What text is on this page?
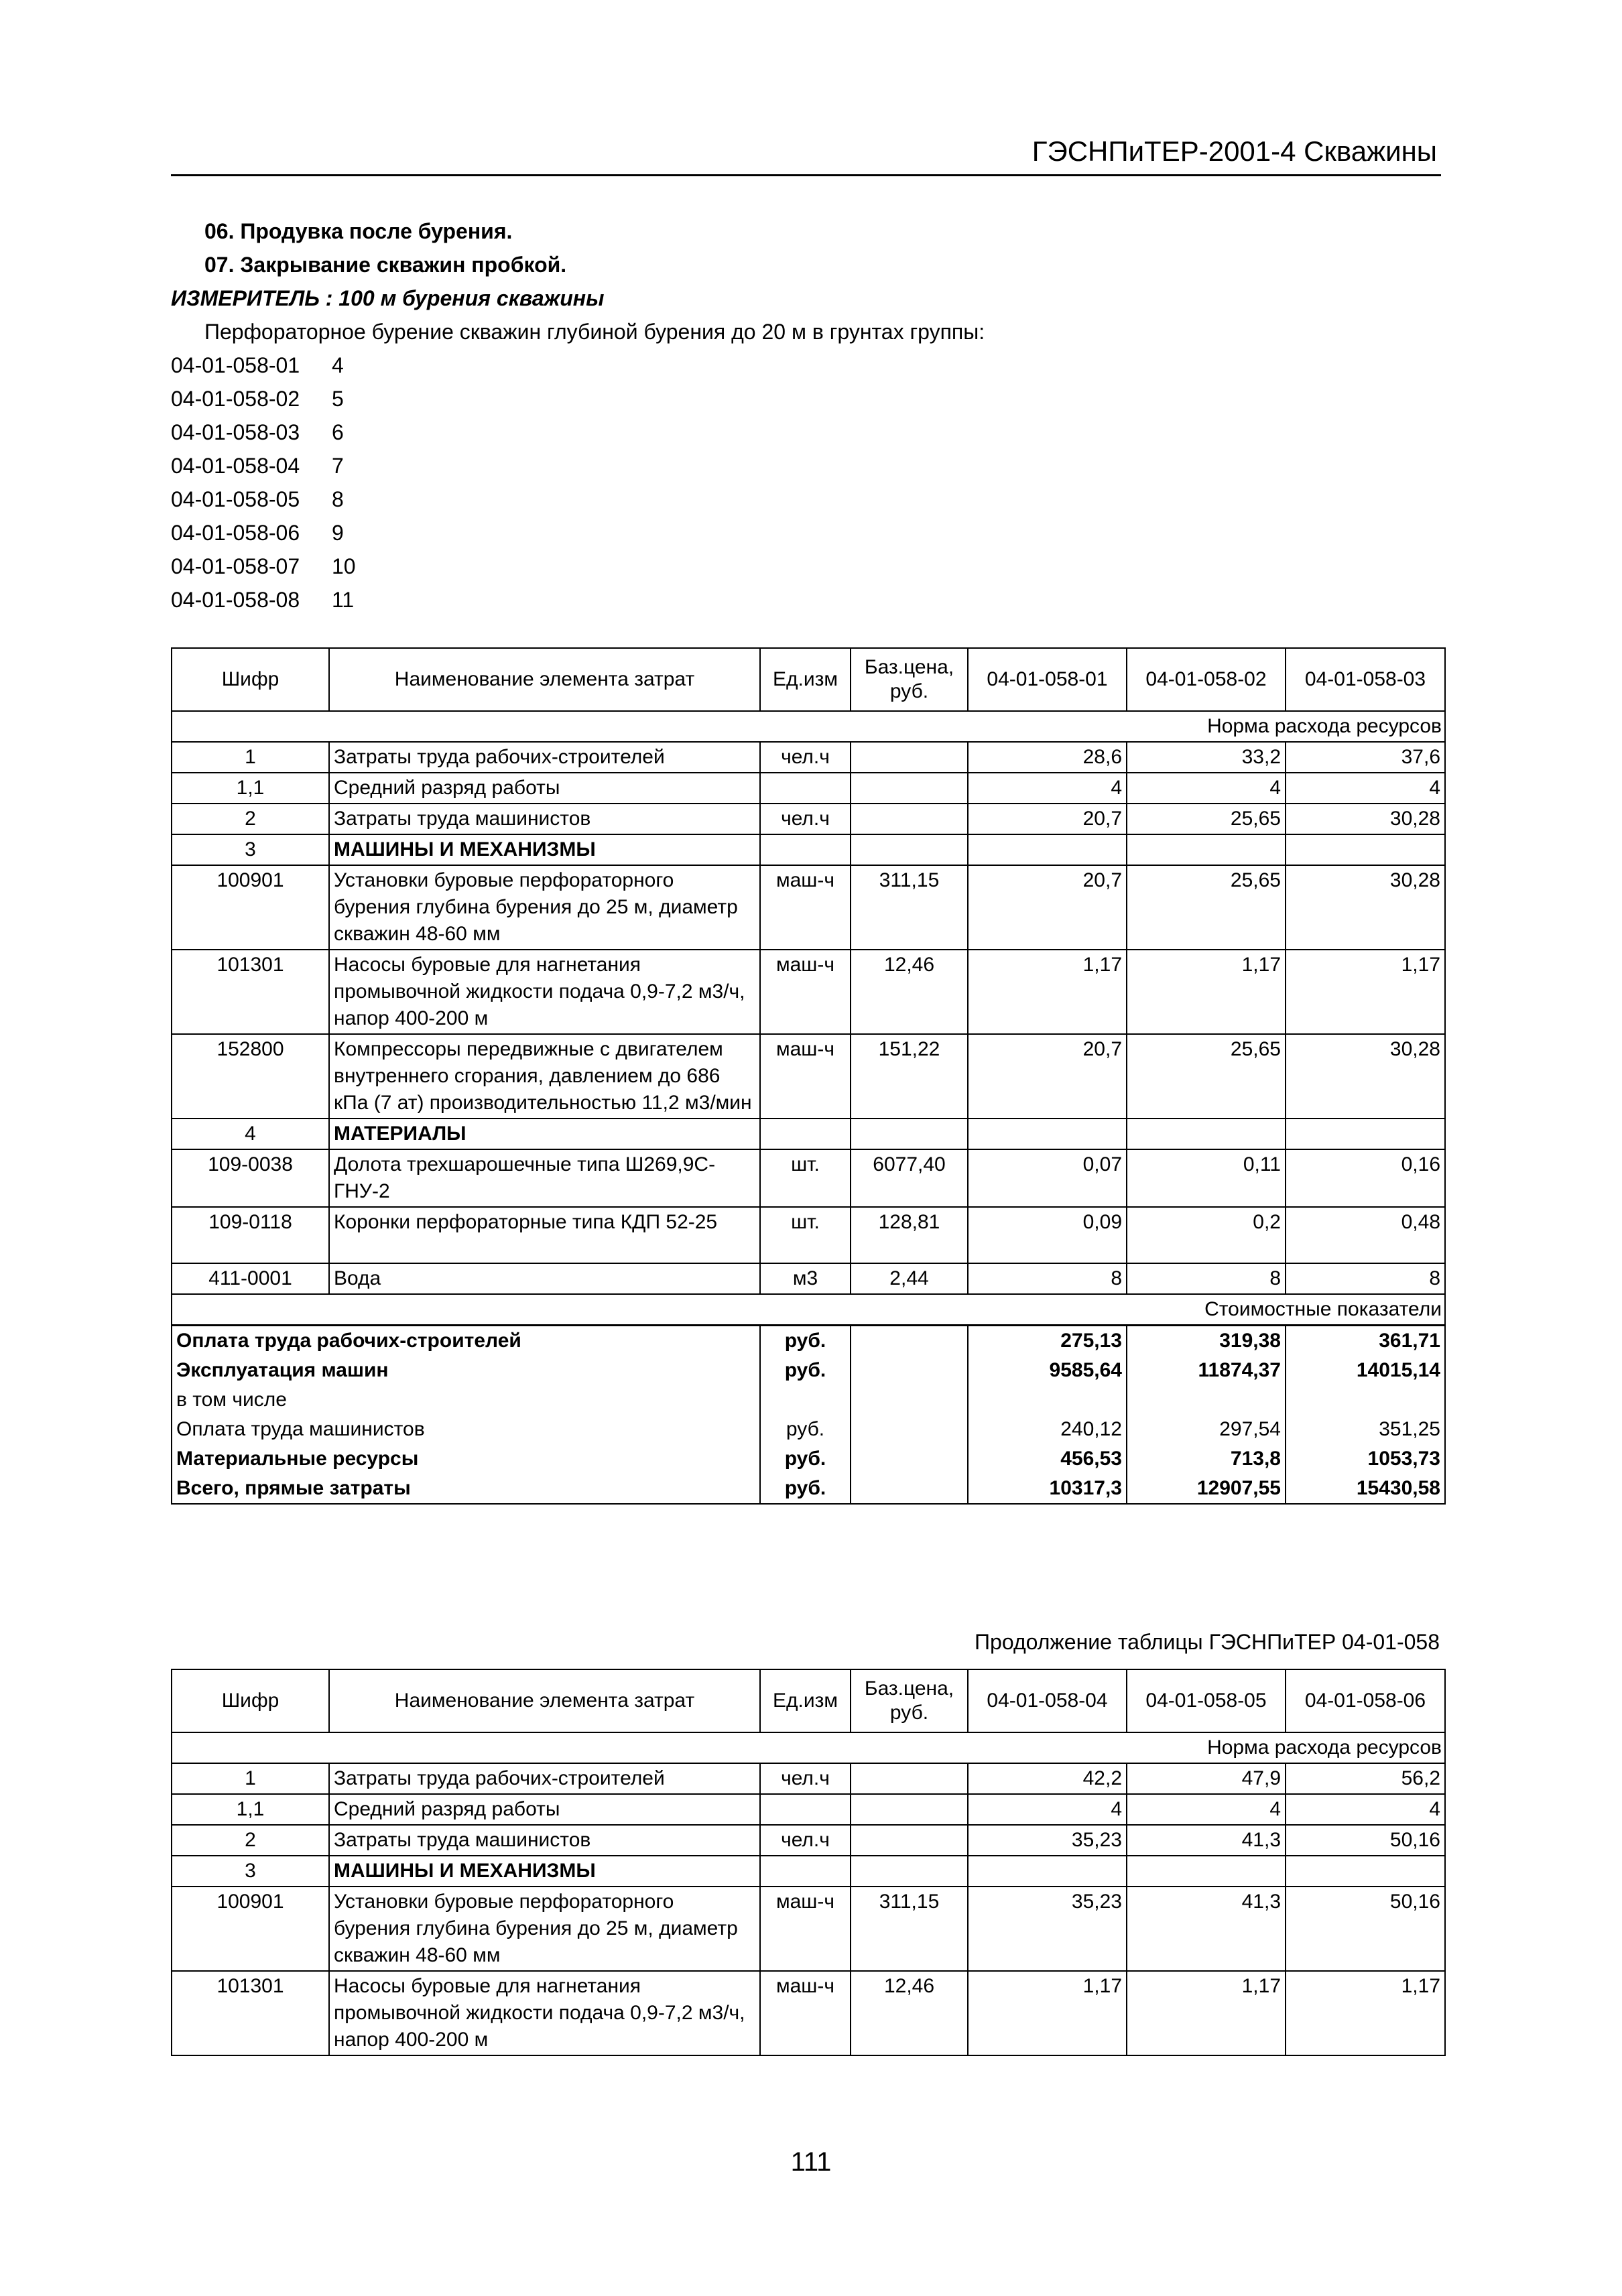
ГЭСНПиТЕР-2001-4 Скважины
06. Продувка после бурения.
07. Закрывание скважин пробкой.
ИЗМЕРИТЕЛЬ : 100 м бурения скважины
Перфораторное бурение скважин глубиной бурения до 20 м в грунтах группы:
04-01-058-01 4
04-01-058-02 5
04-01-058-03 6
04-01-058-04 7
04-01-058-05 8
04-01-058-06 9
04-01-058-07 10
04-01-058-08 11
Шифр	Наименование элемента затрат	Ед.изм	Баз.цена, руб.	04-01-058-01	04-01-058-02	04-01-058-03
Норма расхода ресурсов						
1	Затраты труда рабочих-строителей	чел.ч		28,6	33,2	37,6
1,1	Средний разряд работы			4	4	4
2	Затраты труда машинистов	чел.ч		20,7	25,65	30,28
3	МАШИНЫ И МЕХАНИЗМЫ					
100901	Установки буровые перфораторного бурения глубина бурения до 25 м, диаметр скважин 48-60 мм	маш-ч	311,15	20,7	25,65	30,28
101301	Насосы буровые для нагнетания промывочной жидкости подача 0,9-7,2 м3/ч, напор 400-200 м	маш-ч	12,46	1,17	1,17	1,17
152800	Компрессоры передвижные с двигателем внутреннего сгорания, давлением до 686 кПа (7 ат) производительностью 11,2 м3/мин	маш-ч	151,22	20,7	25,65	30,28
4	МАТЕРИАЛЫ					
109-0038	Долота трехшарошечные типа Ш269,9С-ГНУ-2	шт.	6077,40	0,07	0,11	0,16
109-0118	Коронки перфораторные типа КДП 52-25	шт.	128,81	0,09	0,2	0,48
411-0001	Вода	м3	2,44	8	8	8
Стоимостные показатели						
Оплата труда рабочих-строителей		руб.		275,13	319,38	361,71
Эксплуатация машин		руб.		9585,64	11874,37	14015,14
в том числе						
Оплата труда машинистов		руб.		240,12	297,54	351,25
Материальные ресурсы		руб.		456,53	713,8	1053,73
Всего, прямые затраты		руб.		10317,3	12907,55	15430,58
Продолжение таблицы ГЭСНПиТЕР 04-01-058
Шифр	Наименование элемента затрат	Ед.изм	Баз.цена, руб.	04-01-058-04	04-01-058-05	04-01-058-06
Норма расхода ресурсов						
1	Затраты труда рабочих-строителей	чел.ч		42,2	47,9	56,2
1,1	Средний разряд работы			4	4	4
2	Затраты труда машинистов	чел.ч		35,23	41,3	50,16
3	МАШИНЫ И МЕХАНИЗМЫ					
100901	Установки буровые перфораторного бурения глубина бурения до 25 м, диаметр скважин 48-60 мм	маш-ч	311,15	35,23	41,3	50,16
101301	Насосы буровые для нагнетания промывочной жидкости подача 0,9-7,2 м3/ч, напор 400-200 м	маш-ч	12,46	1,17	1,17	1,17
111
